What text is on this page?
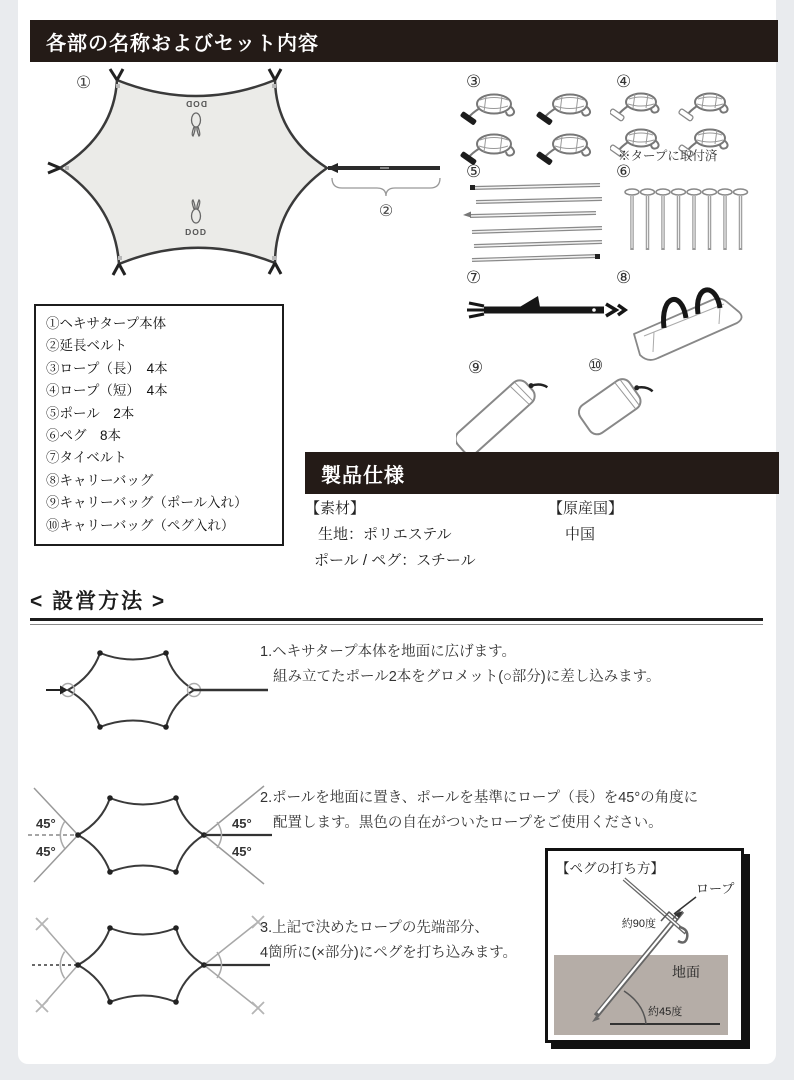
各部の名称およびセット内容
①
DOD
DOD
②
③	④
※タープに取付済
⑤	⑥
⑦	⑧
⑨	⑩
①ヘキサタープ本体
②延長ベルト
③ロープ（長）　4本
④ロープ（短）　4本
⑤ポール　2本
⑥ペグ　8本
⑦タイベルト
⑧キャリーバッグ
⑨キャリーバッグ（ポール入れ）
⑩キャリーバッグ（ペグ入れ）
製品仕様
【素材】
生地：ポリエステル
ポール / ペグ：スチール
【原産国】
中国
< 設営方法 >
1.ヘキサタープ本体を地面に広げます。
組み立てたポール2本をグロメット(○部分)に差し込みます。
45°
45°
45°
45°
2.ポールを地面に置き、ポールを基準にロープ（長）を45°の角度に
配置します。黒色の自在がついたロープをご使用ください。
3.上記で決めたロープの先端部分、
4箇所に(×部分)にペグを打ち込みます。
【ペグの打ち方】
地面
約90度
ロープ
約45度
